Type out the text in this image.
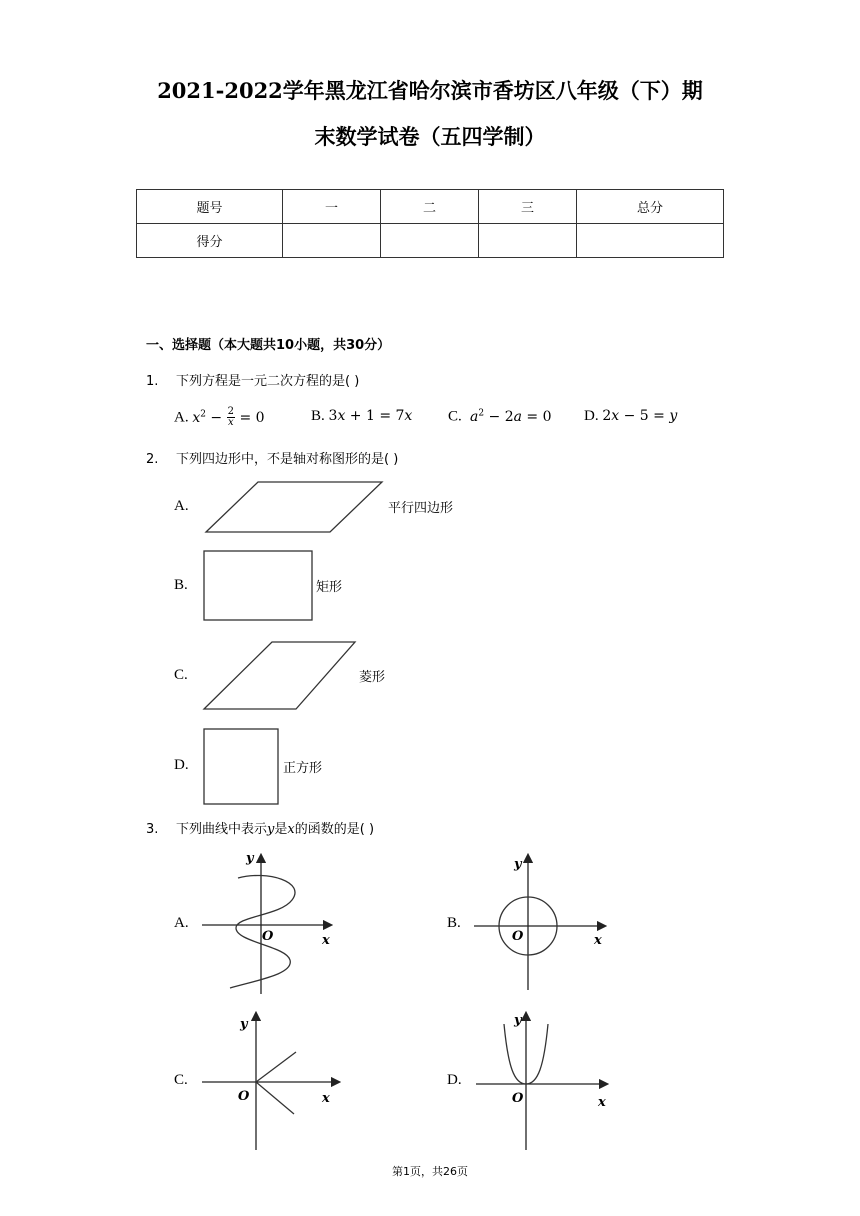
2021-2022学年黑龙江省哈尔滨市香坊区八年级（下）期
末数学试卷（五四学制）
题号	一	二	三	总分
得分				
一、选择题（本大题共10小题，共30分）
1. 下列方程是一元二次方程的是( )
A. $x^2 - \frac{2}{x} = 0$	B. 3x + 1 = 7x C. $a^2 - 2a = 0$ D. 2x − 5 = y
2. 下列四边形中，不是轴对称图形的是( )
A.	平行四边形
B.	矩形
C.	菱形
D.	正方形
3. 下列曲线中表示y是x的函数的是( )
A.
y
x
O
B.
y
x
O
C.
y
x
O
D.
y
x
O
第1页，共26页
